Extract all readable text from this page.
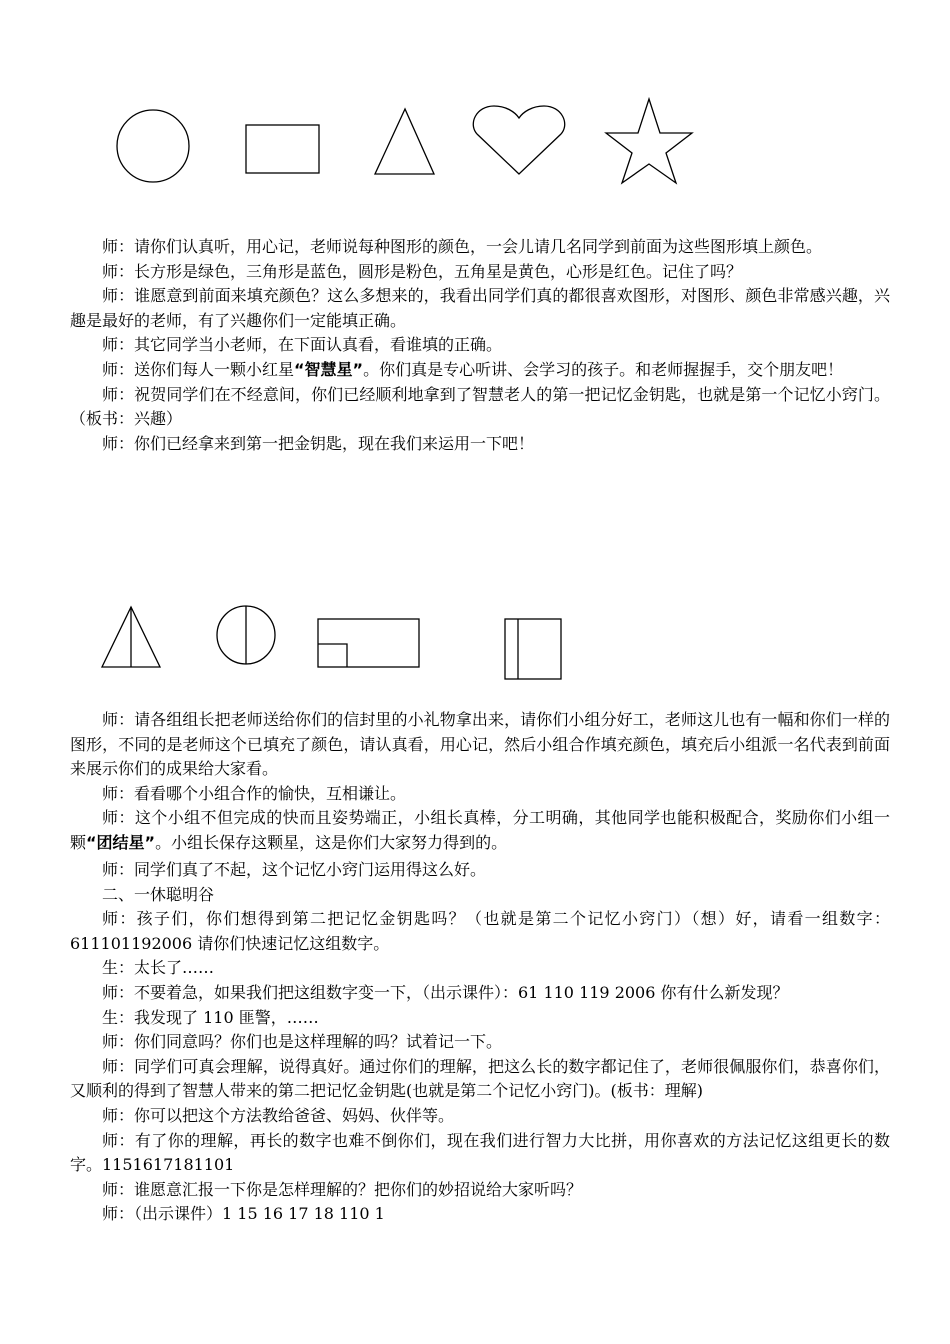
师：请你们认真听，用心记，老师说每种图形的颜色，一会儿请几名同学到前面为这些图形填上颜色。

师：长方形是绿色，三角形是蓝色，圆形是粉色，五角星是黄色，心形是红色。记住了吗？

师：谁愿意到前面来填充颜色？这么多想来的，我看出同学们真的都很喜欢图形，对图形、颜色非常感兴趣，兴趣是最好的老师，有了兴趣你们一定能填正确。

师：其它同学当小老师，在下面认真看，看谁填的正确。

师：送你们每人一颗小红星“智慧星”。你们真是专心听讲、会学习的孩子。和老师握握手，交个朋友吧！

师：祝贺同学们在不经意间，你们已经顺利地拿到了智慧老人的第一把记忆金钥匙，也就是第一个记忆小窍门。（板书：兴趣）

师：你们已经拿来到第一把金钥匙，现在我们来运用一下吧！

师：请各组组长把老师送给你们的信封里的小礼物拿出来，请你们小组分好工，老师这儿也有一幅和你们一样的图形，不同的是老师这个已填充了颜色，请认真看，用心记，然后小组合作填充颜色，填充后小组派一名代表到前面来展示你们的成果给大家看。

师：看看哪个小组合作的愉快，互相谦让。

师：这个小组不但完成的快而且姿势端正，小组长真棒，分工明确，其他同学也能积极配合，奖励你们小组一颗“团结星”。小组长保存这颗星，这是你们大家努力得到的。

师：同学们真了不起，这个记忆小窍门运用得这么好。

二、一休聪明谷

师：孩子们，你们想得到第二把记忆金钥匙吗？（也就是第二个记忆小窍门）（想）好，请看一组数字：611101192006 请你们快速记忆这组数字。

生：太长了……

师：不要着急，如果我们把这组数字变一下，（出示课件）：61 110 119 2006 你有什么新发现？

生：我发现了 110 匪警，……

师：你们同意吗？你们也是这样理解的吗？试着记一下。

师：同学们可真会理解，说得真好。通过你们的理解，把这么长的数字都记住了，老师很佩服你们，恭喜你们，又顺利的得到了智慧人带来的第二把记忆金钥匙(也就是第二个记忆小窍门)。(板书：理解)

师：你可以把这个方法教给爸爸、妈妈、伙伴等。

师：有了你的理解，再长的数字也难不倒你们，现在我们进行智力大比拼，用你喜欢的方法记忆这组更长的数字。1151617181101

师：谁愿意汇报一下你是怎样理解的？把你们的妙招说给大家听吗？

师：（出示课件）1 15 16 17 18 110 1
